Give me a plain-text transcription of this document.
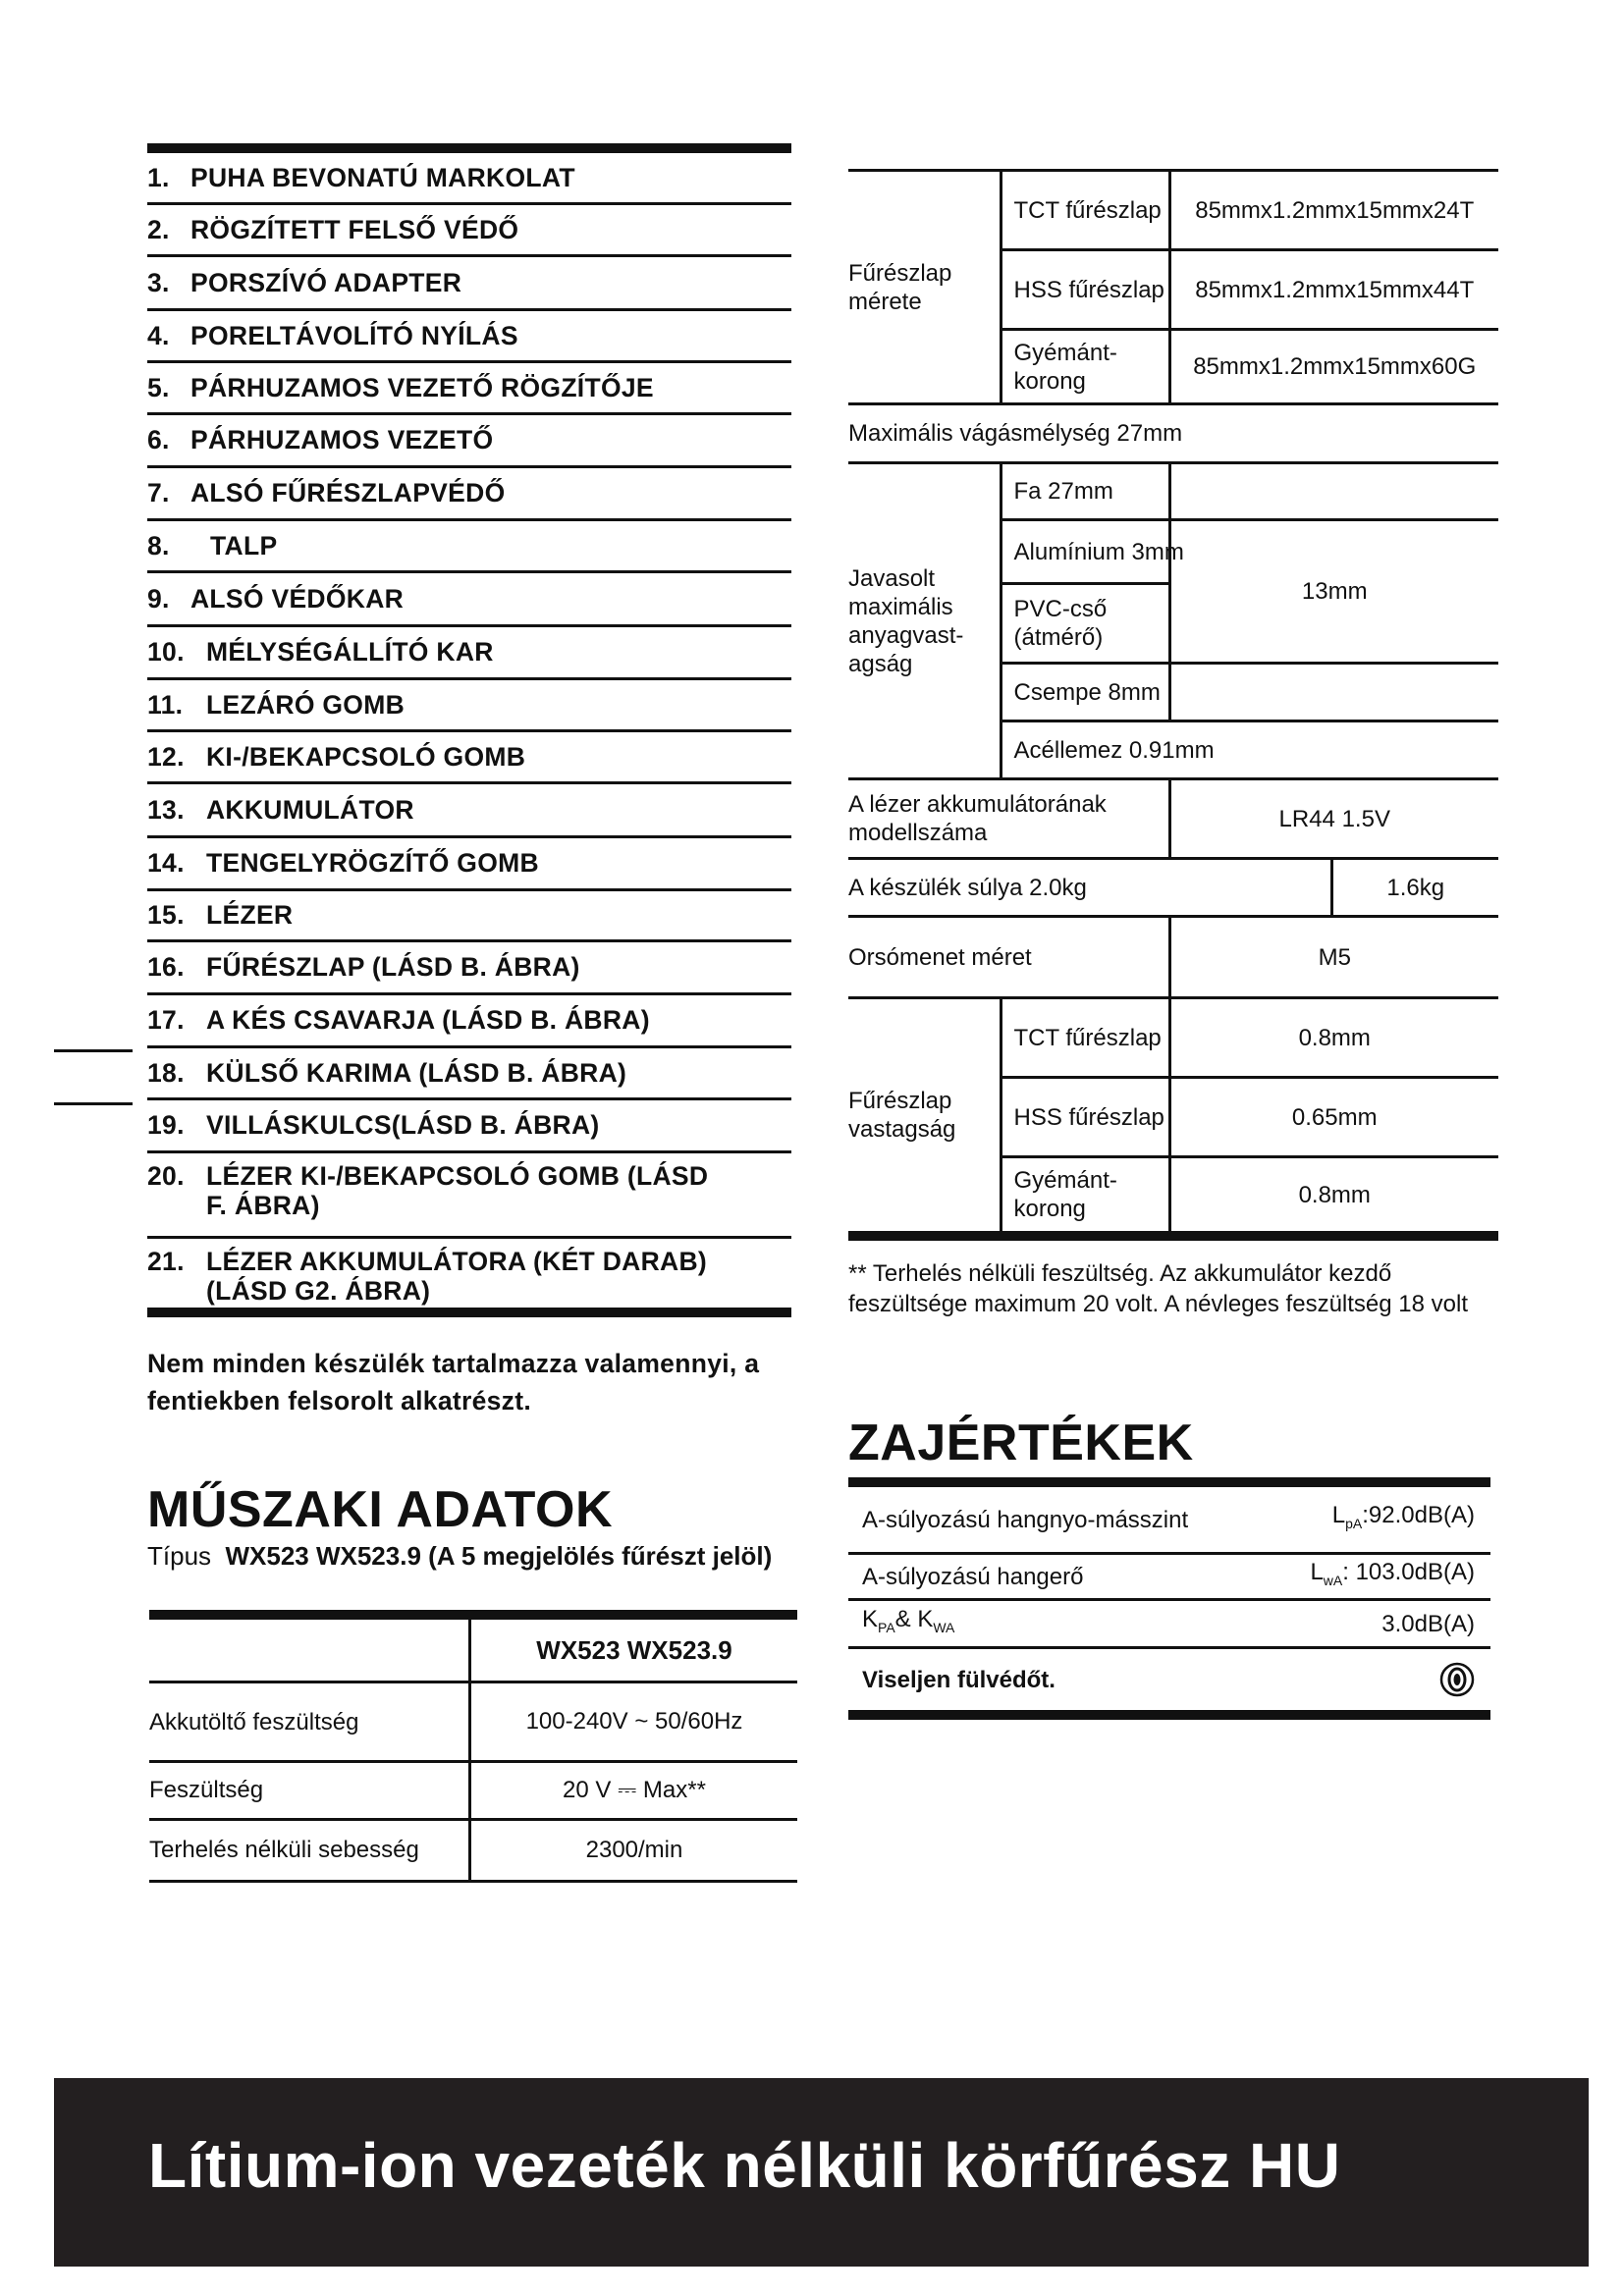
1. PUHA BEVONATÚ MARKOLAT
2. RÖGZÍTETT FELSŐ VÉDŐ
3. PORSZÍVÓ ADAPTER
4. PORELTÁVOLÍTÓ NYÍLÁS
5. PÁRHUZAMOS VEZETŐ RÖGZÍTŐJE
6. PÁRHUZAMOS VEZETŐ
7. ALSÓ FŰRÉSZLAPVÉDŐ
8.	TALP
9. ALSÓ VÉDŐKAR
10. MÉLYSÉGÁLLÍTÓ KAR
11. LEZÁRÓ GOMB
12. KI-/BEKAPCSOLÓ GOMB
13. AKKUMULÁTOR
14. TENGELYRÖGZÍTŐ GOMB
15. LÉZER
16. FŰRÉSZLAP (LÁSD B. ÁBRA)
17. A KÉS CSAVARJA (LÁSD B. ÁBRA)
18. KÜLSŐ KARIMA (LÁSD B. ÁBRA)
19. VILLÁSKULCS(LÁSD B. ÁBRA)
20. LÉZER KI-/BEKAPCSOLÓ GOMB (LÁSD F. ÁBRA)
21. LÉZER AKKUMULÁTORA (KÉT DARAB) (LÁSD G2. ÁBRA)
Nem minden készülék tartalmazza valamennyi, a fentiekben felsorolt alkatrészt.
MŰSZAKI ADATOK
Típus WX523 WX523.9 (A 5 megjelölés fűrészt jelöl)
	WX523 WX523.9
Akkutöltő feszültség	100-240V ~ 50/60Hz
Feszültség	20 V ⎓ Max**
Terhelés nélküli sebesség	2300/min
Fűrészlap mérete	TCT fűrészlap	85mmx1.2mmx15mmx24T	
	HSS fűrészlap	85mmx1.2mmx15mmx44T	
	Gyémánt-korong	85mmx1.2mmx15mmx60G	
Maximális vágásmélység 27mm			
Javasolt maximális anyagvast-agság	Fa 27mm		
	Alumínium 3mm	13mm	
	PVC-cső (átmérő)		
	Csempe 8mm		
	Acéllemez 0.91mm		
A lézer akkumulátorának modellszáma		LR44 1.5V	
A készülék súlya 2.0kg			1.6kg
Orsómenet méret		M5	
Fűrészlap vastagság	TCT fűrészlap	0.8mm	
	HSS fűrészlap	0.65mm	
	Gyémánt-korong	0.8mm	
** Terhelés nélküli feszültség. Az akkumulátor kezdő feszültsége maximum 20 volt. A névleges feszültség 18 volt
ZAJÉRTÉKEK
A-súlyozású hangnyo-másszint	$L_{pA}:92.0dB(A)$
A-súlyozású hangerő	$L_{wA}$: 103.0dB(A)
$K_{PA}\&$ $K_{WA}$	3.0dB(A)
Viseljen fülvédőt.	
Lítium-ion vezeték nélküli körfűrész HU
